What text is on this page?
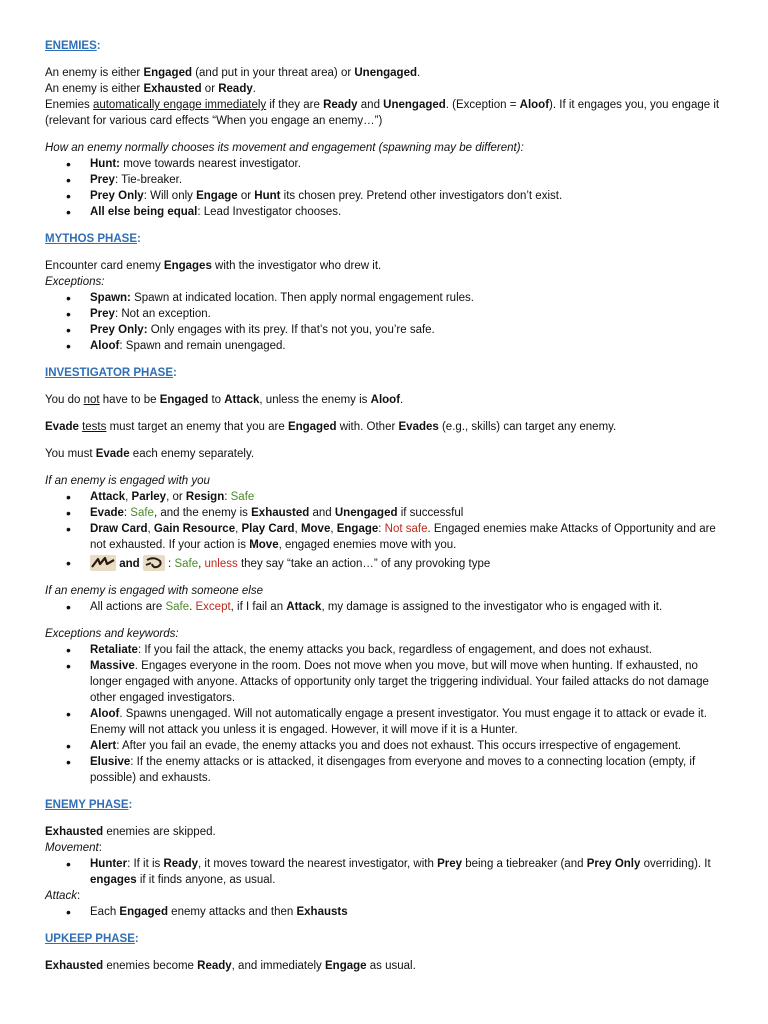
ENEMIES:

An enemy is either Engaged (and put in your threat area) or Unengaged.

An enemy is either Exhausted or Ready.

Enemies automatically engage immediately if they are Ready and Unengaged. (Exception = Aloof). If it engages you, you engage it (relevant for various card effects “When you engage an enemy…”)

How an enemy normally chooses its movement and engagement (spawning may be different):

• Hunt: move towards nearest investigator.
• Prey: Tie-breaker.
• Prey Only: Will only Engage or Hunt its chosen prey. Pretend other investigators don’t exist.
• All else being equal: Lead Investigator chooses.
MYTHOS PHASE:

Encounter card enemy Engages with the investigator who drew it.

Exceptions:

• Spawn: Spawn at indicated location. Then apply normal engagement rules.
• Prey: Not an exception.
• Prey Only: Only engages with its prey. If that’s not you, you’re safe.
• Aloof: Spawn and remain unengaged.
INVESTIGATOR PHASE:

You do not have to be Engaged to Attack, unless the enemy is Aloof.

Evade tests must target an enemy that you are Engaged with. Other Evades (e.g., skills) can target any enemy.

You must Evade each enemy separately.

If an enemy is engaged with you

• Attack, Parley, or Resign: Safe
• Evade: Safe, and the enemy is Exhausted and Unengaged if successful
• Draw Card, Gain Resource, Play Card, Move, Engage: Not safe. Engaged enemies make Attacks of Opportunity and are not exhausted. If your action is Move, engaged enemies move with you.
• and
: Safe, unless they say “take an action…” of any provoking type

If an enemy is engaged with someone else

• All actions are Safe. Except, if I fail an Attack, my damage is assigned to the investigator who is engaged with it.

Exceptions and keywords:

• Retaliate: If you fail the attack, the enemy attacks you back, regardless of engagement, and does not exhaust.
• Massive. Engages everyone in the room. Does not move when you move, but will move when hunting. If exhausted, no longer engaged with anyone. Attacks of opportunity only target the triggering individual. Your failed attacks do not damage other engaged investigators.
• Aloof. Spawns unengaged. Will not automatically engage a present investigator. You must engage it to attack or evade it. Enemy will not attack you unless it is engaged. However, it will move if it is a Hunter.
• Alert: After you fail an evade, the enemy attacks you and does not exhaust. This occurs irrespective of engagement.
• Elusive: If the enemy attacks or is attacked, it disengages from everyone and moves to a connecting location (empty, if possible) and exhausts.
ENEMY PHASE:

Exhausted enemies are skipped.

Movement:

• Hunter: If it is Ready, it moves toward the nearest investigator, with Prey being a tiebreaker (and Prey Only overriding). It engages if it finds anyone, as usual.

Attack:

• Each Engaged enemy attacks and then Exhausts
UPKEEP PHASE:

Exhausted enemies become Ready, and immediately Engage as usual.
